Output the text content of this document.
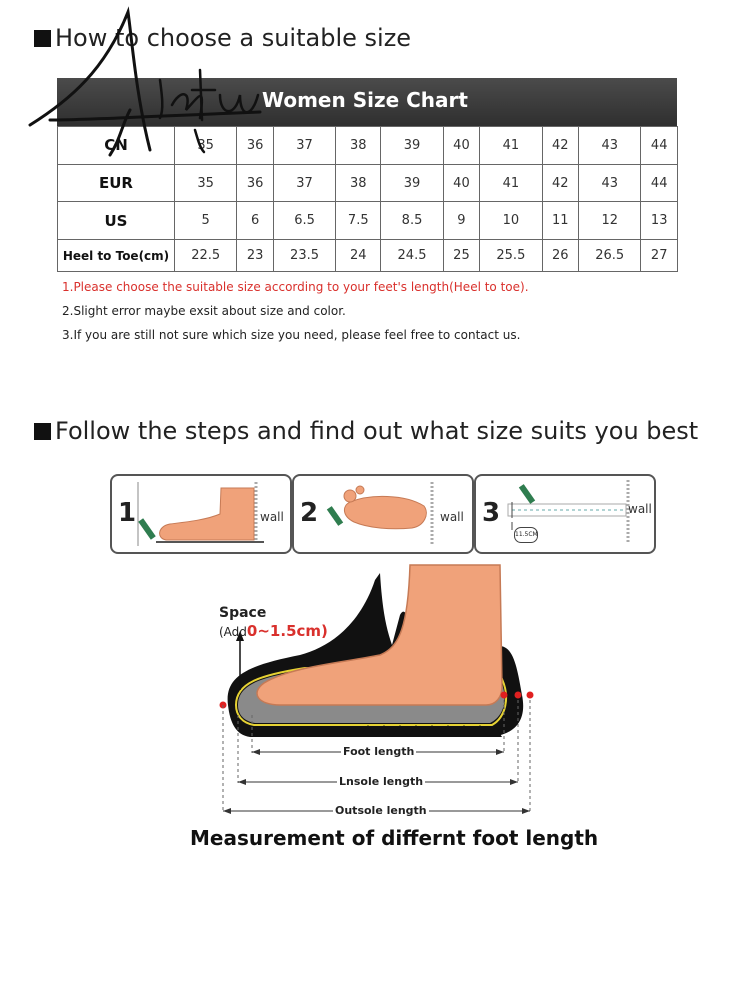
How to choose a suitable size
Women Size Chart
CN	35	36	37	38	39	40	41	42	43	44
EUR	35	36	37	38	39	40	41	42	43	44
US	5	6	6.5	7.5	8.5	9	10	11	12	13
Heel to Toe(cm)	22.5	23	23.5	24	24.5	25	25.5	26	26.5	27
1.Please choose the suitable size according to your feet's length(Heel to toe).
2.Slight error maybe exsit about size and color.
3.If you are still not sure which size you need, please feel free to contact us.
Follow the steps and find out what size suits you best
1	wall 2	wall 3
11.5CM
wall
Space
(Add0~1.5cm)
Foot length
Lnsole length
Outsole length
Measurement of differnt foot length
